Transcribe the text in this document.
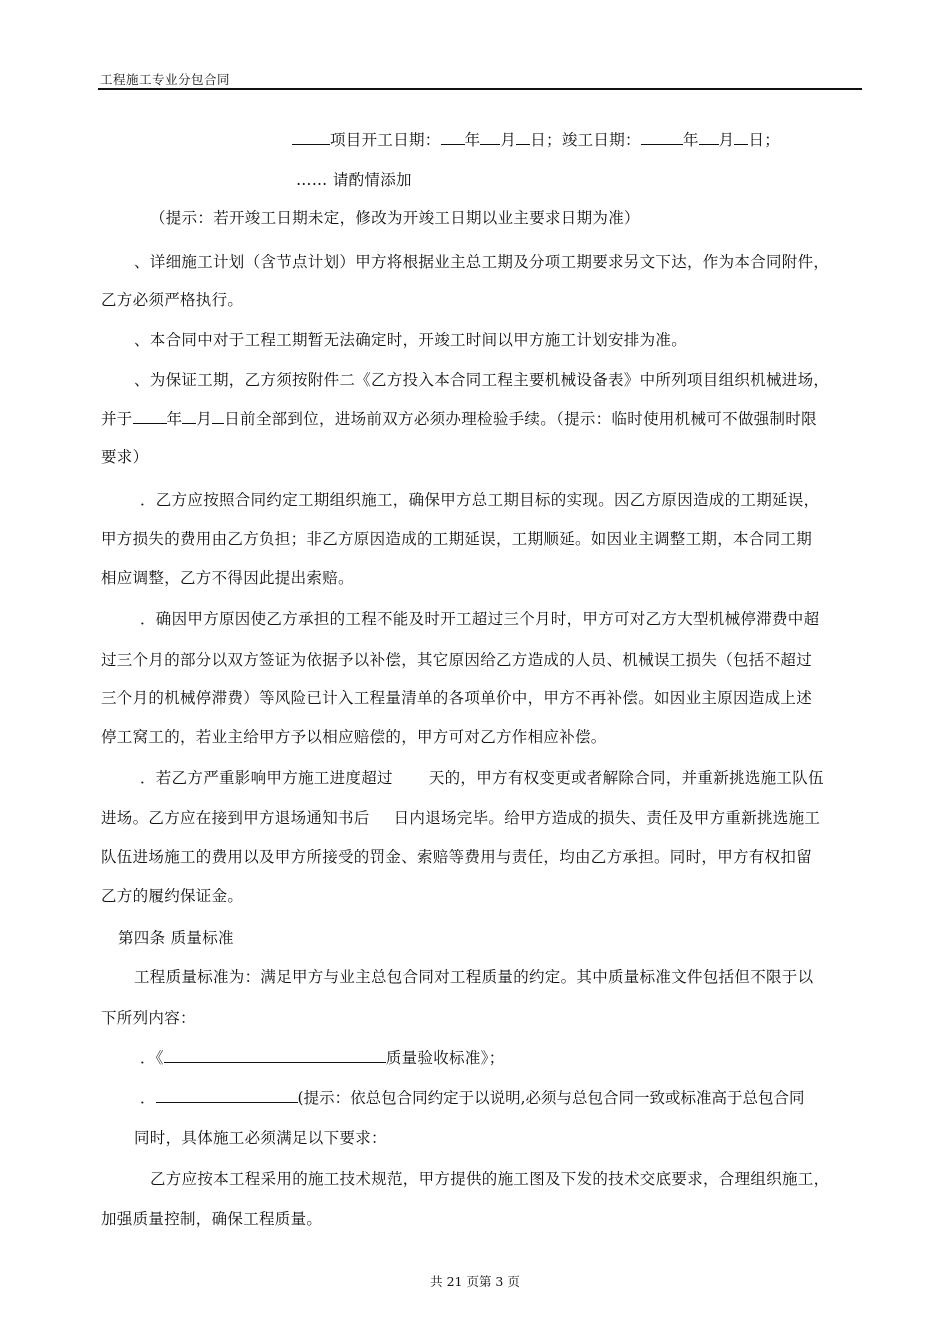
工程施工专业分包合同
项目开工日期： 年 月 日；竣工日期：	年 月 日；
…… 请酌情添加
（提示：若开竣工日期未定，修改为开竣工日期以业主要求日期为准）
、详细施工计划（含节点计划）甲方将根据业主总工期及分项工期要求另文下达，作为本合同附件，
乙方必须严格执行。
、本合同中对于工程工期暂无法确定时，开竣工时间以甲方施工计划安排为准。
、为保证工期，乙方须按附件二《乙方投入本合同工程主要机械设备表》中所列项目组织机械进场，
并于 年 月 日前全部到位，进场前双方必须办理检验手续。（提示：临时使用机械可不做强制时限
要求）
．乙方应按照合同约定工期组织施工，确保甲方总工期目标的实现。因乙方原因造成的工期延误，
甲方损失的费用由乙方负担；非乙方原因造成的工期延误，工期顺延。如因业主调整工期，本合同工期
相应调整，乙方不得因此提出索赔。
．确因甲方原因使乙方承担的工程不能及时开工超过三个月时，甲方可对乙方大型机械停滞费中超
过三个月的部分以双方签证为依据予以补偿，其它原因给乙方造成的人员、机械误工损失（包括不超过
三个月的机械停滞费）等风险已计入工程量清单的各项单价中，甲方不再补偿。如因业主原因造成上述
停工窝工的，若业主给甲方予以相应赔偿的，甲方可对乙方作相应补偿。
．若乙方严重影响甲方施工进度超过 天的，甲方有权变更或者解除合同，并重新挑选施工队伍
进场。乙方应在接到甲方退场通知书后 日内退场完毕。给甲方造成的损失、责任及甲方重新挑选施工
队伍进场施工的费用以及甲方所接受的罚金、索赔等费用与责任，均由乙方承担。同时，甲方有权扣留
乙方的履约保证金。
第四条 质量标准
工程质量标准为：满足甲方与业主总包合同对工程质量的约定。其中质量标准文件包括但不限于以
下所列内容：
．《	质量验收标准》；
．	(提示：依总包合同约定于以说明,必须与总包合同一致或标准高于总包合同
同时，具体施工必须满足以下要求：
乙方应按本工程采用的施工技术规范，甲方提供的施工图及下发的技术交底要求，合理组织施工，
加强质量控制，确保工程质量。
共 21 页第 3 页
